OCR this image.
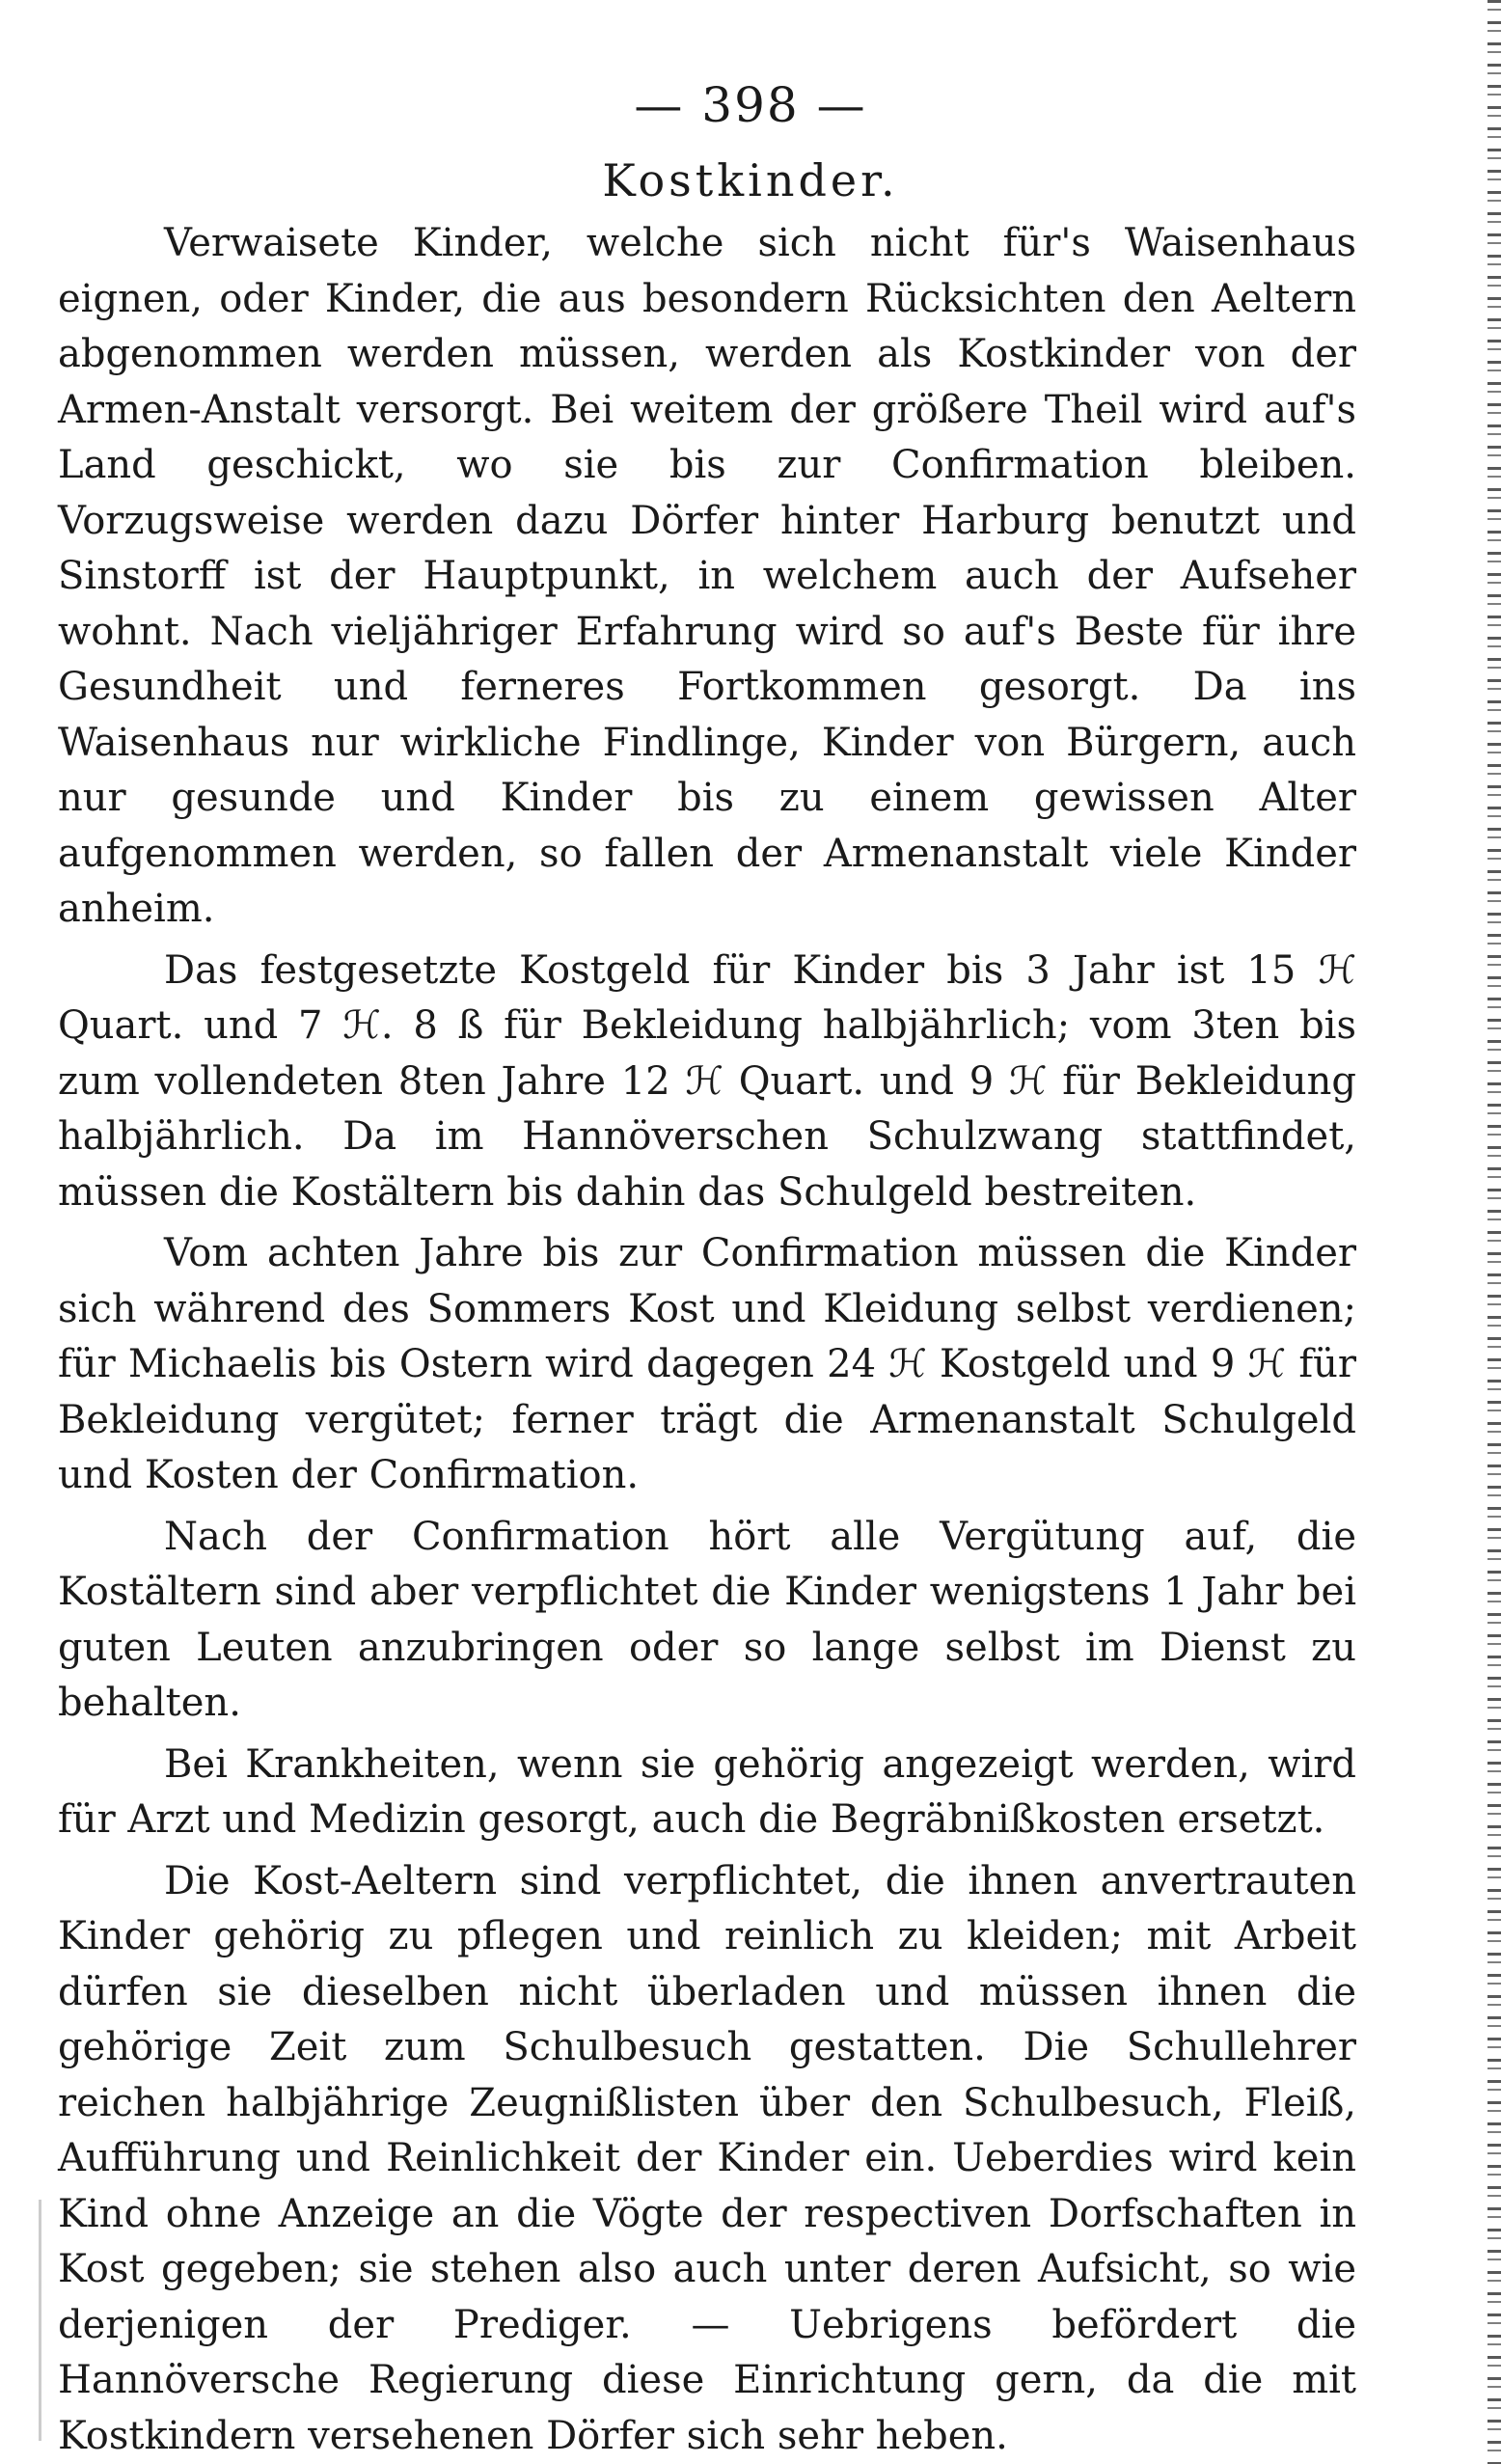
— 398 —
Kostkinder.

Verwaisete Kinder, welche sich nicht für's Waisenhaus eignen, oder Kinder, die aus besondern Rücksichten den Aeltern abgenommen werden müssen, werden als Kostkinder von der Armen-Anstalt versorgt. Bei weitem der größere Theil wird auf's Land geschickt, wo sie bis zur Confirmation bleiben. Vorzugsweise werden dazu Dörfer hinter Harburg benutzt und Sinstorff ist der Hauptpunkt, in welchem auch der Aufseher wohnt. Nach vieljähriger Erfahrung wird so auf's Beste für ihre Gesundheit und ferneres Fortkommen gesorgt. Da ins Waisenhaus nur wirkliche Findlinge, Kinder von Bürgern, auch nur gesunde und Kinder bis zu einem gewissen Alter aufgenommen werden, so fallen der Armenanstalt viele Kinder anheim.

Das festgesetzte Kostgeld für Kinder bis 3 Jahr ist 15 ℋ Quart. und 7 ℋ. 8 ß für Bekleidung halbjährlich; vom 3ten bis zum vollendeten 8ten Jahre 12 ℋ Quart. und 9 ℋ für Bekleidung halbjährlich. Da im Hannöverschen Schulzwang stattfindet, müssen die Kostältern bis dahin das Schulgeld bestreiten.

Vom achten Jahre bis zur Confirmation müssen die Kinder sich während des Sommers Kost und Kleidung selbst verdienen; für Michaelis bis Ostern wird dagegen 24 ℋ Kostgeld und 9 ℋ für Bekleidung vergütet; ferner trägt die Armenanstalt Schulgeld und Kosten der Confirmation.

Nach der Confirmation hört alle Vergütung auf, die Kostältern sind aber verpflichtet die Kinder wenigstens 1 Jahr bei guten Leuten anzubringen oder so lange selbst im Dienst zu behalten.

Bei Krankheiten, wenn sie gehörig angezeigt werden, wird für Arzt und Medizin gesorgt, auch die Begräbnißkosten ersetzt.

Die Kost-Aeltern sind verpflichtet, die ihnen anvertrauten Kinder gehörig zu pflegen und reinlich zu kleiden; mit Arbeit dürfen sie dieselben nicht überladen und müssen ihnen die gehörige Zeit zum Schulbesuch gestatten. Die Schullehrer reichen halbjährige Zeugnißlisten über den Schulbesuch, Fleiß, Aufführung und Reinlichkeit der Kinder ein. Ueberdies wird kein Kind ohne Anzeige an die Vögte der respectiven Dorfschaften in Kost gegeben; sie stehen also auch unter deren Aufsicht, so wie derjenigen der Prediger. — Uebrigens befördert die Hannöversche Regierung diese Einrichtung gern, da die mit Kostkindern versehenen Dörfer sich sehr heben.
